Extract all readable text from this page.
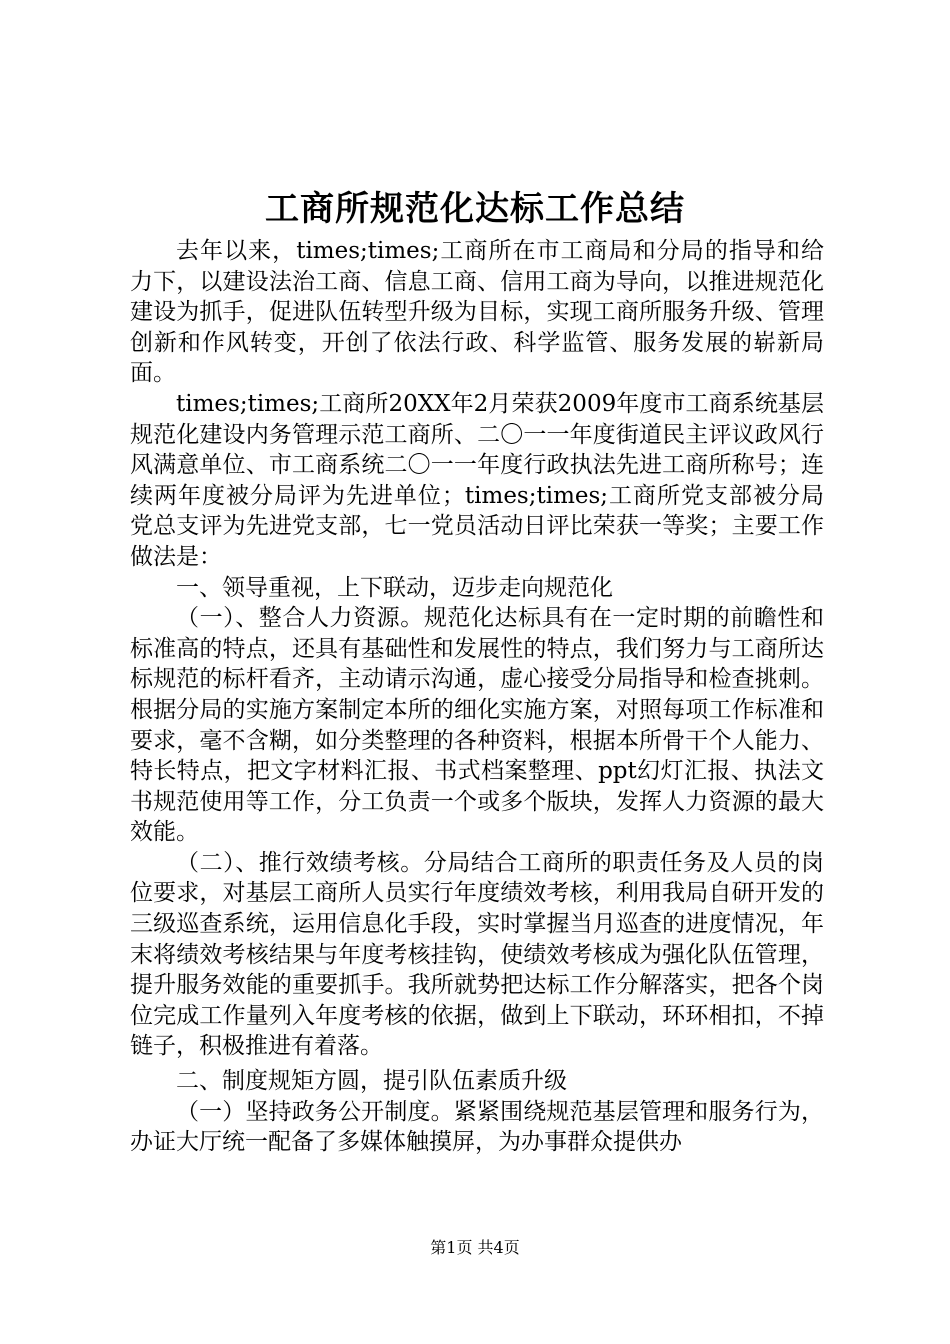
工商所规范化达标工作总结

去年以来，times;times;工商所在市工商局和分局的指导和给力下，以建设法治工商、信息工商、信用工商为导向，以推进规范化建设为抓手，促进队伍转型升级为目标，实现工商所服务升级、管理创新和作风转变，开创了依法行政、科学监管、服务发展的崭新局面。

times;times;工商所20XX年2月荣获2009年度市工商系统基层规范化建设内务管理示范工商所、二〇一一年度街道民主评议政风行风满意单位、市工商系统二〇一一年度行政执法先进工商所称号；连续两年度被分局评为先进单位；times;times;工商所党支部被分局党总支评为先进党支部，七一党员活动日评比荣获一等奖；主要工作做法是：

一、领导重视，上下联动，迈步走向规范化

（一）、整合人力资源。规范化达标具有在一定时期的前瞻性和标准高的特点，还具有基础性和发展性的特点，我们努力与工商所达标规范的标杆看齐，主动请示沟通，虚心接受分局指导和检查挑刺。根据分局的实施方案制定本所的细化实施方案，对照每项工作标准和要求，毫不含糊，如分类整理的各种资料，根据本所骨干个人能力、特长特点，把文字材料汇报、书式档案整理、ppt幻灯汇报、执法文书规范使用等工作，分工负责一个或多个版块，发挥人力资源的最大效能。

（二）、推行效绩考核。分局结合工商所的职责任务及人员的岗位要求，对基层工商所人员实行年度绩效考核，利用我局自研开发的三级巡查系统，运用信息化手段，实时掌握当月巡查的进度情况，年末将绩效考核结果与年度考核挂钩，使绩效考核成为强化队伍管理，提升服务效能的重要抓手。我所就势把达标工作分解落实，把各个岗位完成工作量列入年度考核的依据，做到上下联动，环环相扣，不掉链子，积极推进有着落。

二、制度规矩方圆，提引队伍素质升级

（一）坚持政务公开制度。紧紧围绕规范基层管理和服务行为，办证大厅统一配备了多媒体触摸屏，为办事群众提供办

第1页 共4页
